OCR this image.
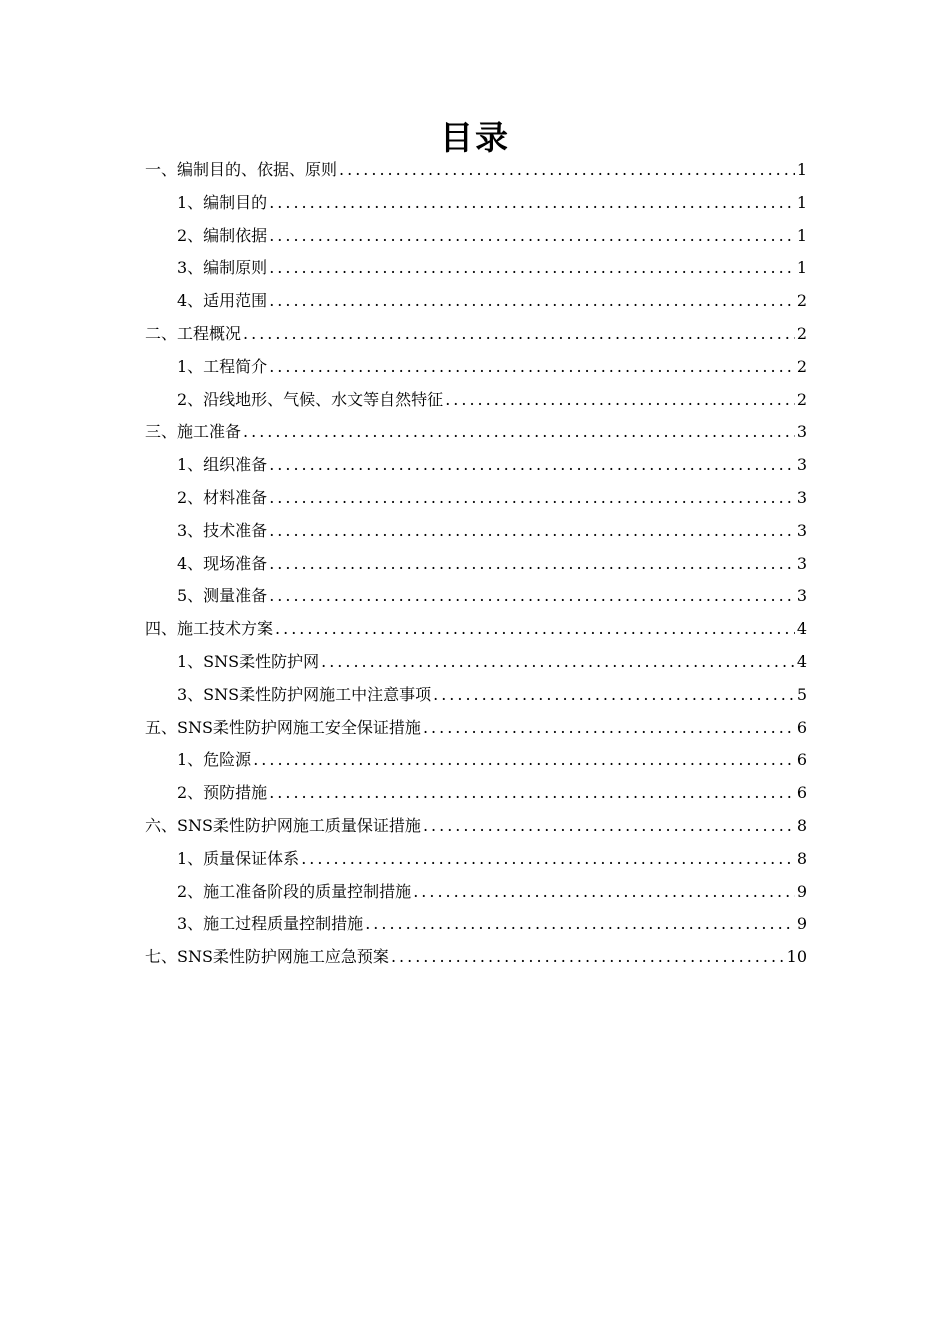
目录
一、编制目的、依据、原则 .....	1
1、编制目的 .....	1
2、编制依据 .....	1
3、编制原则 .....	1
4、适用范围 .....	2
二、工程概况 .....	2
1、工程简介 .....	2
2、沿线地形、气候、水文等自然特征 .....	2
三、施工准备 .....	3
1、组织准备 .....	3
2、材料准备 .....	3
3、技术准备 .....	3
4、现场准备 .....	3
5、测量准备 .....	3
四、施工技术方案 .....	4
1、SNS柔性防护网 .....	4
3、SNS柔性防护网施工中注意事项 .....	5
五、SNS柔性防护网施工安全保证措施 .....	6
1、危险源 .....	6
2、预防措施 .....	6
六、SNS柔性防护网施工质量保证措施 .....	8
1、质量保证体系 .....	8
2、施工准备阶段的质量控制措施 .....	9
3、施工过程质量控制措施 .....	9
七、SNS柔性防护网施工应急预案 .....	10
